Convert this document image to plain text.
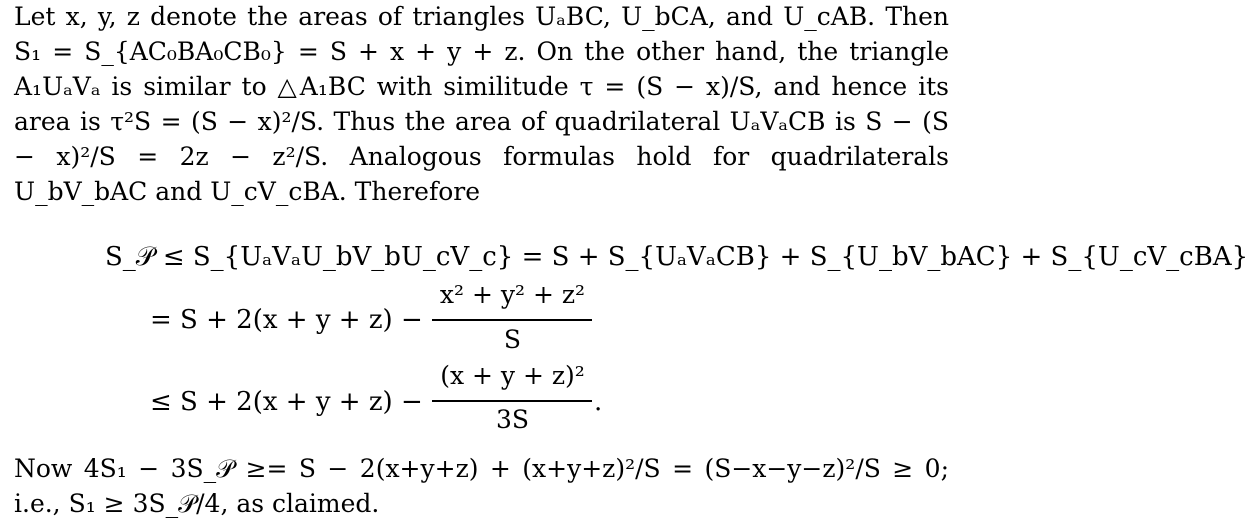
Let x, y, z denote the areas of triangles UₐBC, U_bCA, and U_cAB. Then S₁ = S_{AC₀BA₀CB₀} = S + x + y + z. On the other hand, the triangle A₁UₐVₐ is similar to △A₁BC with similitude τ = (S − x)/S, and hence its area is τ²S = (S − x)²/S. Thus the area of quadrilateral UₐVₐCB is S − (S − x)²/S = 2z − z²/S. Analogous formulas hold for quadrilaterals U_bV_bAC and U_cV_cBA. Therefore
S_𝒫 ≤ S_{UₐVₐU_bV_bU_cV_c} = S + S_{UₐVₐCB} + S_{U_bV_bAC} + S_{U_cV_cBA}
= S + 2(x + y + z) −
x² + y² + z²
S
≤ S + 2(x + y + z) −
(x + y + z)²
3S
.
Now 4S₁ − 3S_𝒫 ≥= S − 2(x+y+z) + (x+y+z)²/S = (S−x−y−z)²/S ≥ 0; i.e., S₁ ≥ 3S_𝒫/4, as claimed.
